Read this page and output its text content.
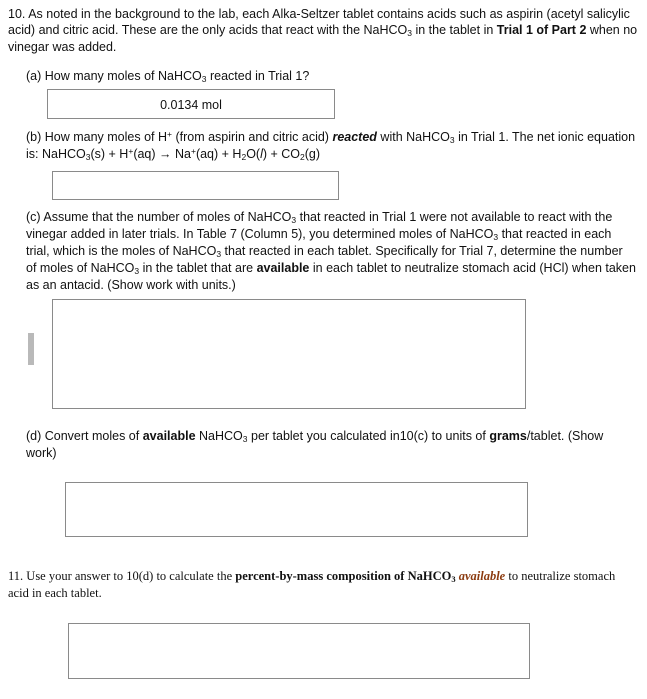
10. As noted in the background to the lab, each Alka-Seltzer tablet contains acids such as aspirin (acetyl salicylic acid) and citric acid. These are the only acids that react with the NaHCO3 in the tablet in Trial 1 of Part 2 when no vinegar was added.

(a) How many moles of NaHCO3 reacted in Trial 1?

0.0134 mol

(b) How many moles of H+ (from aspirin and citric acid) reacted with NaHCO3 in Trial 1. The net ionic equation is: NaHCO3(s) + H+(aq) → Na+(aq) + H2O(l) + CO2(g)

(c) Assume that the number of moles of NaHCO3 that reacted in Trial 1 were not available to react with the vinegar added in later trials. In Table 7 (Column 5), you determined moles of NaHCO3 that reacted in each trial, which is the moles of NaHCO3 that reacted in each tablet. Specifically for Trial 7, determine the number of moles of NaHCO3 in the tablet that are available in each tablet to neutralize stomach acid (HCl) when taken as an antacid. (Show work with units.)

(d) Convert moles of available NaHCO3 per tablet you calculated in10(c) to units of grams/tablet. (Show work)

11. Use your answer to 10(d) to calculate the percent-by-mass composition of NaHCO3 available to neutralize stomach acid in each tablet.
